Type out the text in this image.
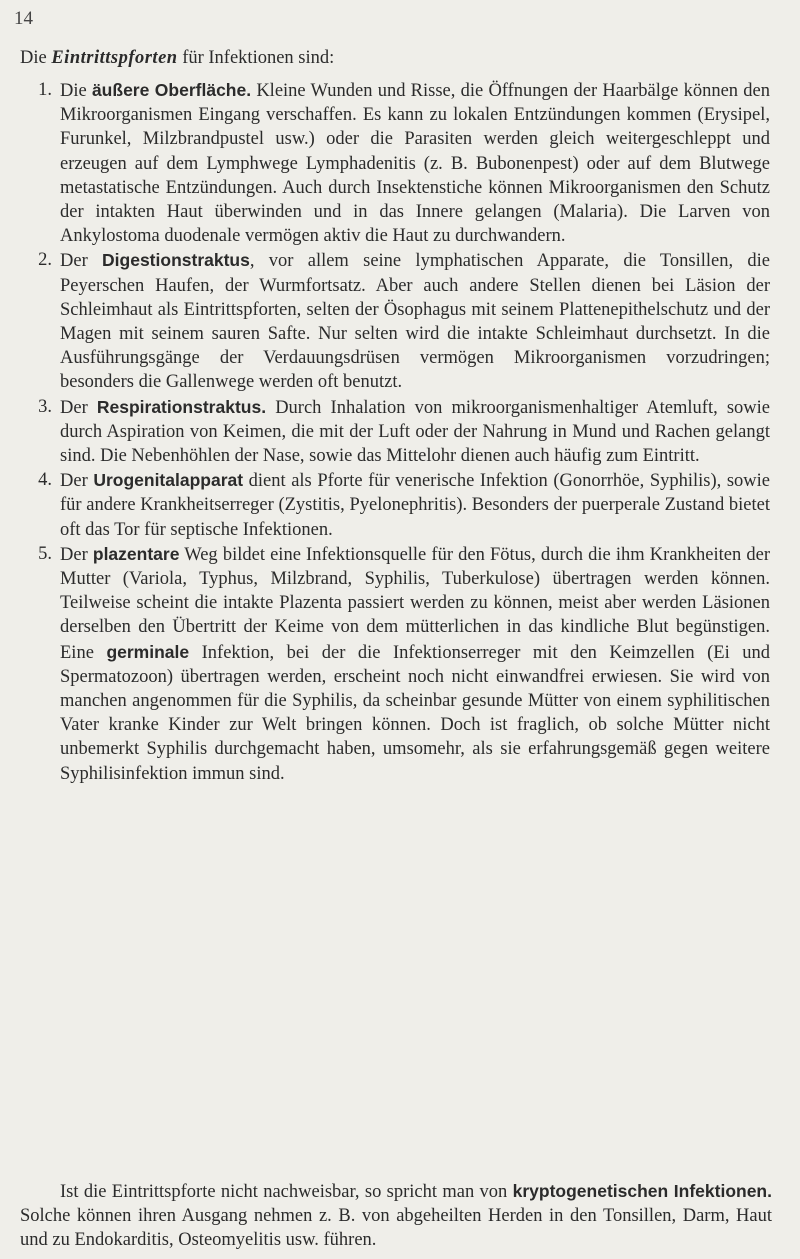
14
Die Eintrittspforten für Infektionen sind:
1. Die äußere Oberfläche. Kleine Wunden und Risse, die Öffnungen der Haarbälge können den Mikroorganismen Eingang verschaffen. Es kann zu lokalen Entzündungen kommen (Erysipel, Furunkel, Milzbrandpustel usw.) oder die Parasiten werden gleich weitergeschleppt und erzeugen auf dem Lymphwege Lymphadenitis (z. B. Bubonenpest) oder auf dem Blutwege metastatische Entzündungen. Auch durch Insektenstiche können Mikroorganismen den Schutz der intakten Haut überwinden und in das Innere gelangen (Malaria). Die Larven von Ankylostoma duodenale vermögen aktiv die Haut zu durchwandern.
2. Der Digestionstraktus, vor allem seine lymphatischen Apparate, die Tonsillen, die Peyerschen Haufen, der Wurmfortsatz. Aber auch andere Stellen dienen bei Läsion der Schleimhaut als Eintrittspforten, selten der Ösophagus mit seinem Plattenepithelschutz und der Magen mit seinem sauren Safte. Nur selten wird die intakte Schleimhaut durchsetzt. In die Ausführungsgänge der Verdauungsdrüsen vermögen Mikroorganismen vorzudringen; besonders die Gallenwege werden oft benutzt.
3. Der Respirationstraktus. Durch Inhalation von mikroorganismenhaltiger Atemluft, sowie durch Aspiration von Keimen, die mit der Luft oder der Nahrung in Mund und Rachen gelangt sind. Die Nebenhöhlen der Nase, sowie das Mittelohr dienen auch häufig zum Eintritt.
4. Der Urogenitalapparat dient als Pforte für venerische Infektion (Gonorrhöe, Syphilis), sowie für andere Krankheitserreger (Zystitis, Pyelonephritis). Besonders der puerperale Zustand bietet oft das Tor für septische Infektionen.
5. Der plazentare Weg bildet eine Infektionsquelle für den Fötus, durch die ihm Krankheiten der Mutter (Variola, Typhus, Milzbrand, Syphilis, Tuberkulose) übertragen werden können. Teilweise scheint die intakte Plazenta passiert werden zu können, meist aber werden Läsionen derselben den Übertritt der Keime von dem mütterlichen in das kindliche Blut begünstigen. Eine germinale Infektion, bei der die Infektionserreger mit den Keimzellen (Ei und Spermatozoon) übertragen werden, erscheint noch nicht einwandfrei erwiesen. Sie wird von manchen angenommen für die Syphilis, da scheinbar gesunde Mütter von einem syphilitischen Vater kranke Kinder zur Welt bringen können. Doch ist fraglich, ob solche Mütter nicht unbemerkt Syphilis durchgemacht haben, umsomehr, als sie erfahrungsgemäß gegen weitere Syphilisinfektion immun sind.

Ist die Eintrittspforte nicht nachweisbar, so spricht man von kryptogenetischen Infektionen. Solche können ihren Ausgang nehmen z. B. von abgeheilten Herden in den Tonsillen, Darm, Haut und zu Endokarditis, Osteomyelitis usw. führen.
